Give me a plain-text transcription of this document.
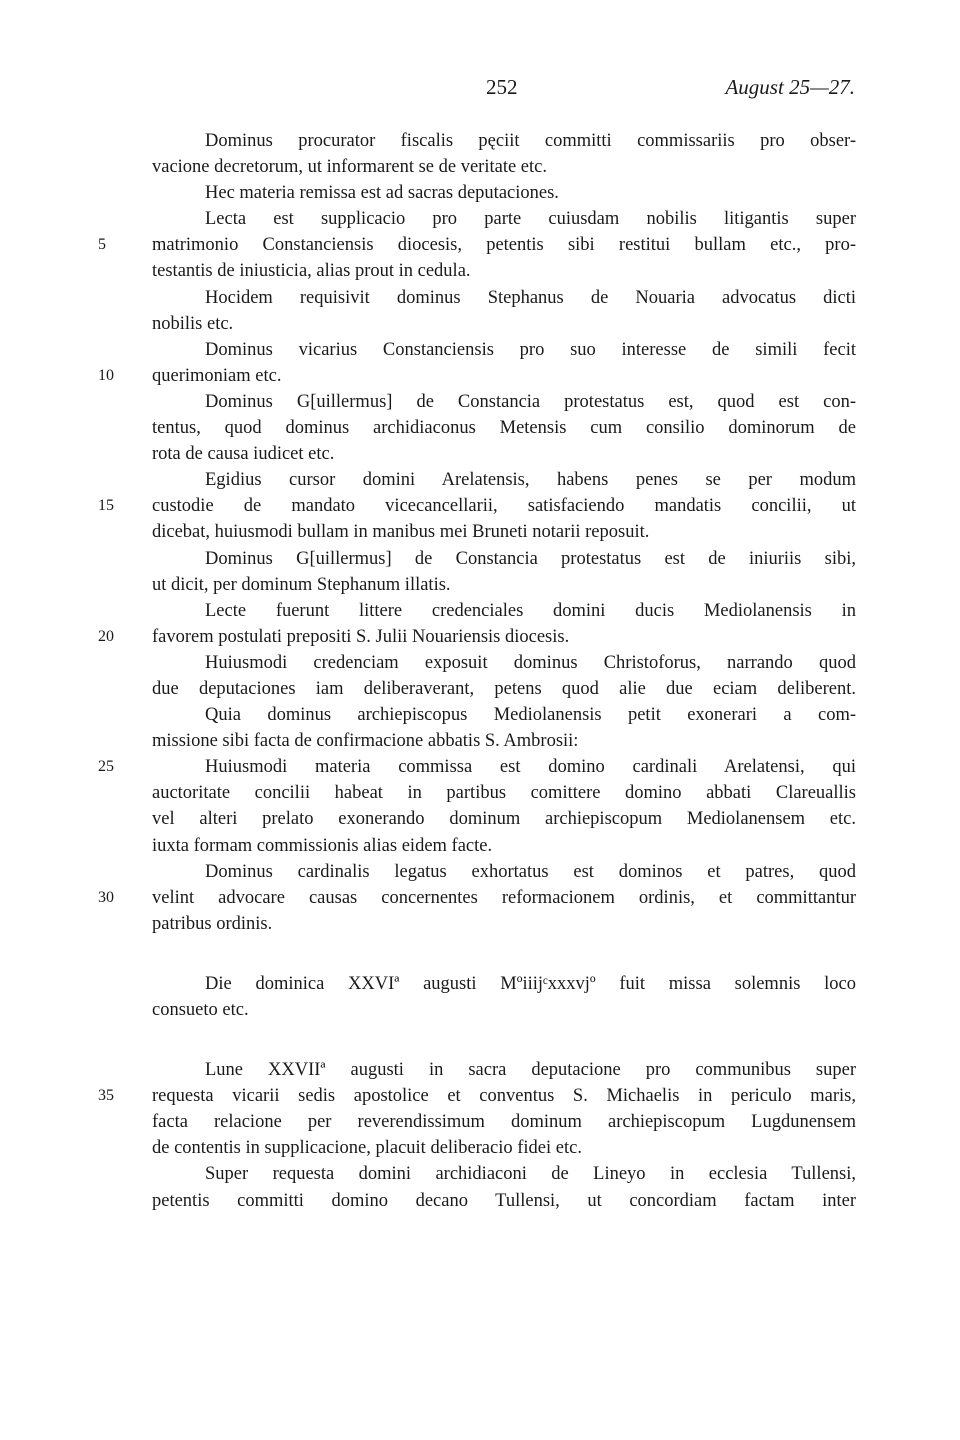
252	August 25—27.
Dominus procurator fiscalis pęciit committi commissariis pro obser-
vacione decretorum, ut informarent se de veritate etc.
Hec materia remissa est ad sacras deputaciones.
Lecta est supplicacio pro parte cuiusdam nobilis litigantis super
5	matrimonio Constanciensis diocesis, petentis sibi restitui bullam etc., pro-
testantis de iniusticia, alias prout in cedula.
Hocidem requisivit dominus Stephanus de Nouaria advocatus dicti
nobilis etc.
Dominus vicarius Constanciensis pro suo interesse de simili fecit
10	querimoniam etc.
Dominus G[uillermus] de Constancia protestatus est, quod est con-
tentus, quod dominus archidiaconus Metensis cum consilio dominorum de
rota de causa iudicet etc.
Egidius cursor domini Arelatensis, habens penes se per modum
15	custodie de mandato vicecancellarii, satisfaciendo mandatis concilii, ut
dicebat, huiusmodi bullam in manibus mei Bruneti notarii reposuit.
Dominus G[uillermus] de Constancia protestatus est de iniuriis sibi,
ut dicit, per dominum Stephanum illatis.
Lecte fuerunt littere credenciales domini ducis Mediolanensis in
20	favorem postulati prepositi S. Julii Nouariensis diocesis.
Huiusmodi credenciam exposuit dominus Christoforus, narrando quod
due deputaciones iam deliberaverant, petens quod alie due eciam deliberent.
Quia dominus archiepiscopus Mediolanensis petit exonerari a com-
missione sibi facta de confirmacione abbatis S. Ambrosii:
25	Huiusmodi materia commissa est domino cardinali Arelatensi, qui
auctoritate concilii habeat in partibus comittere domino abbati Clareuallis
vel alteri prelato exonerando dominum archiepiscopum Mediolanensem etc.
iuxta formam commissionis alias eidem facte.
Dominus cardinalis legatus exhortatus est dominos et patres, quod
30	velint advocare causas concernentes reformacionem ordinis, et committantur
patribus ordinis.
Die dominica XXVIª augusti Mºiiijᶜxxxvjº fuit missa solemnis loco
consueto etc.
Lune XXVIIª augusti in sacra deputacione pro communibus super
35	requesta vicarii sedis apostolice et conventus S. Michaelis in periculo maris,
facta relacione per reverendissimum dominum archiepiscopum Lugdunensem
de contentis in supplicacione, placuit deliberacio fidei etc.
Super requesta domini archidiaconi de Lineyo in ecclesia Tullensi,
petentis committi domino decano Tullensi, ut concordiam factam inter
